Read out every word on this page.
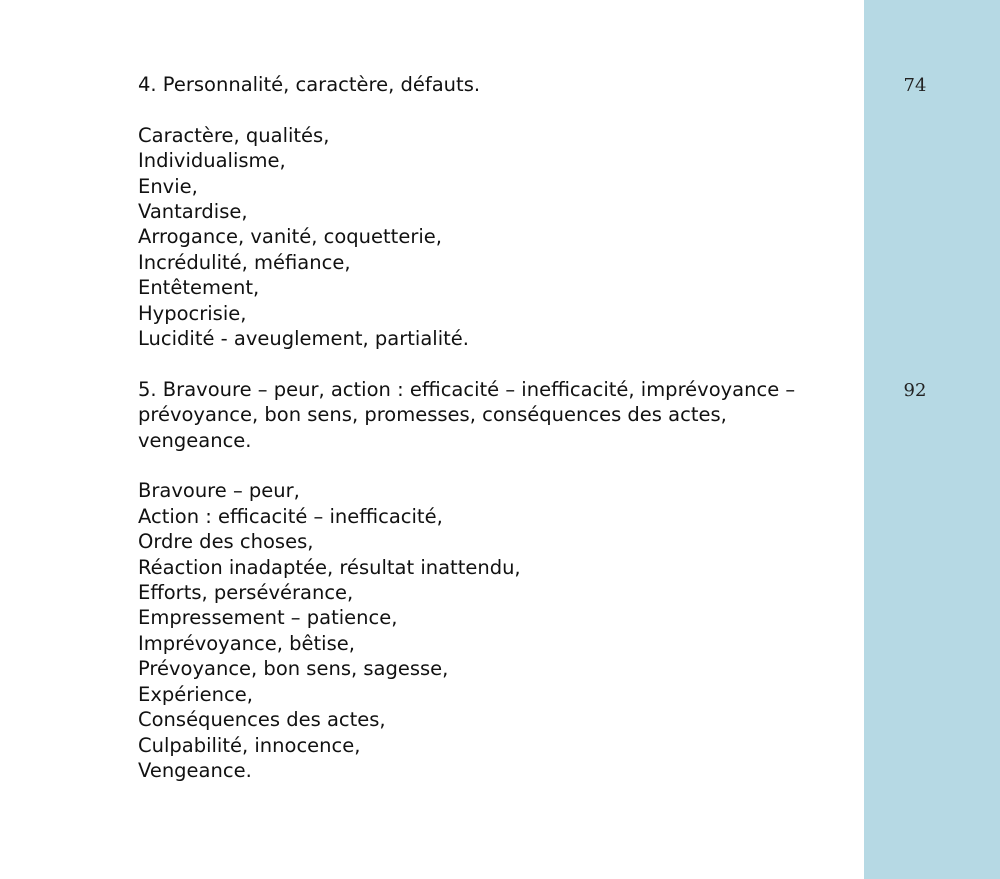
4. Personnalité, caractère, défauts.

Caractère, qualités,

Individualisme,

Envie,

Vantardise,

Arrogance, vanité, coquetterie,

Incrédulité, méfiance,

Entêtement,

Hypocrisie,

Lucidité - aveuglement, partialité.

5. Bravoure – peur, action : efficacité – inefficacité, imprévoyance –

prévoyance, bon sens, promesses, conséquences des actes,

vengeance.

Bravoure – peur,

Action : efficacité – inefficacité,

Ordre des choses,

Réaction inadaptée, résultat inattendu,

Efforts, persévérance,

Empressement – patience,

Imprévoyance, bêtise,

Prévoyance, bon sens, sagesse,

Expérience,

Conséquences des actes,

Culpabilité, innocence,

Vengeance.

74
92
